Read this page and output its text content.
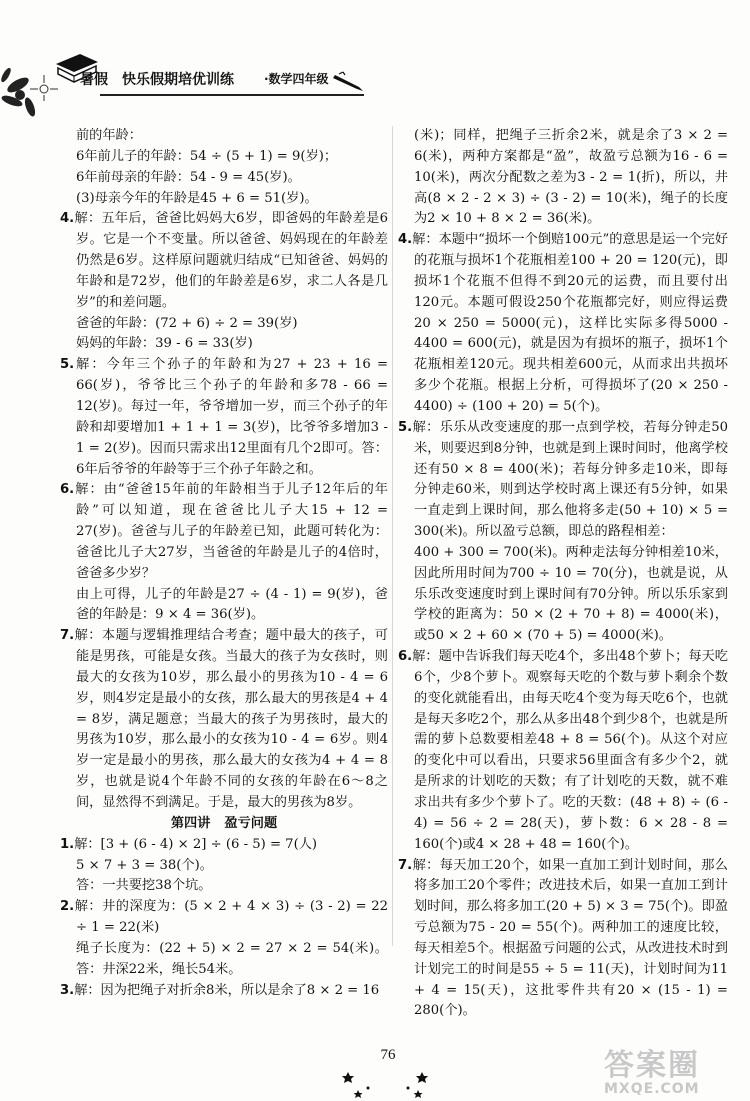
暑假 快乐假期培优训练	·数学四年级

前的年龄：

6年前儿子的年龄：54 ÷ (5 + 1) = 9(岁)；

6年前母亲的年龄：54 - 9 = 45(岁)。

(3)母亲今年的年龄是45 + 6 = 51(岁)。

4.解：五年后，爸爸比妈妈大6岁，即爸妈的年龄差是6岁。它是一个不变量。所以爸爸、妈妈现在的年龄差仍然是6岁。这样原问题就归结成“已知爸爸、妈妈的年龄和是72岁，他们的年龄差是6岁，求二人各是几岁”的和差问题。

爸爸的年龄：(72 + 6) ÷ 2 = 39(岁)

妈妈的年龄：39 - 6 = 33(岁)

5.解：今年三个孙子的年龄和为27 + 23 + 16 = 66(岁)，爷爷比三个孙子的年龄和多78 - 66 = 12(岁)。每过一年，爷爷增加一岁，而三个孙子的年龄和却要增加1 + 1 + 1 = 3(岁)，比爷爷多增加3 - 1 = 2(岁)。因而只需求出12里面有几个2即可。答：6年后爷爷的年龄等于三个孙子年龄之和。

6.解：由“爸爸15年前的年龄相当于儿子12年后的年龄”可以知道，现在爸爸比儿子大15 + 12 = 27(岁)。爸爸与儿子的年龄差已知，此题可转化为：爸爸比儿子大27岁，当爸爸的年龄是儿子的4倍时，爸爸多少岁？

由上可得，儿子的年龄是27 ÷ (4 - 1) = 9(岁)，爸爸的年龄是：9 × 4 = 36(岁)。

7.解：本题与逻辑推理结合考查；题中最大的孩子，可能是男孩，可能是女孩。当最大的孩子为女孩时，则最大的女孩为10岁，那么最小的男孩为10 - 4 = 6岁，则4岁定是最小的女孩，那么最大的男孩是4 + 4 = 8岁，满足题意；当最大的孩子为男孩时，最大的男孩为10岁，那么最小的女孩为10 - 4 = 6岁。则4岁一定是最小的男孩，那么最大的女孩为4 + 4 = 8岁，也就是说4个年龄不同的女孩的年龄在6～8之间，显然得不到满足。于是，最大的男孩为8岁。

第四讲 盈亏问题

1.解：[3 + (6 - 4) × 2] ÷ (6 - 5) = 7(人)

5 × 7 + 3 = 38(个)。

答：一共要挖38个坑。

2.解：井的深度为：(5 × 2 + 4 × 3) ÷ (3 - 2) = 22 ÷ 1 = 22(米)

绳子长度为：(22 + 5) × 2 = 27 × 2 = 54(米)。答：井深22米，绳长54米。

3.解：因为把绳子对折余8米，所以是余了8 × 2 = 16

(米)；同样，把绳子三折余2米，就是余了3 × 2 = 6(米)，两种方案都是“盈”，故盈亏总额为16 - 6 = 10(米)，两次分配数之差为3 - 2 = 1(折)，所以，井高(8 × 2 - 2 × 3) ÷ (3 - 2) = 10(米)，绳子的长度为2 × 10 + 8 × 2 = 36(米)。

4.解：本题中“损坏一个倒赔100元”的意思是运一个完好的花瓶与损坏1个花瓶相差100 + 20 = 120(元)，即损坏1个花瓶不但得不到20元的运费，而且要付出120元。本题可假设250个花瓶都完好，则应得运费20 × 250 = 5000(元)，这样比实际多得5000 - 4400 = 600(元)，就是因为有损坏的瓶子，损坏1个花瓶相差120元。现共相差600元，从而求出共损坏多少个花瓶。根据上分析，可得损坏了(20 × 250 - 4400) ÷ (100 + 20) = 5(个)。

5.解：乐乐从改变速度的那一点到学校，若每分钟走50米，则要迟到8分钟，也就是到上课时间时，他离学校还有50 × 8 = 400(米)；若每分钟多走10米，即每分钟走60米，则到达学校时离上课还有5分钟，如果一直走到上课时间，那么他将多走(50 + 10) × 5 = 300(米)。所以盈亏总额，即总的路程相差：

400 + 300 = 700(米)。两种走法每分钟相差10米，因此所用时间为700 ÷ 10 = 70(分)，也就是说，从乐乐改变速度时到上课时间有70分钟。所以乐乐家到学校的距离为：50 × (2 + 70 + 8) = 4000(米)，或50 × 2 + 60 × (70 + 5) = 4000(米)。

6.解：题中告诉我们每天吃4个，多出48个萝卜；每天吃6个，少8个萝卜。观察每天吃的个数与萝卜剩余个数的变化就能看出，由每天吃4个变为每天吃6个，也就是每天多吃2个，那么从多出48个到少8个，也就是所需的萝卜总数要相差48 + 8 = 56(个)。从这个对应的变化中可以看出，只要求56里面含有多少个2，就是所求的计划吃的天数；有了计划吃的天数，就不难求出共有多少个萝卜了。吃的天数：(48 + 8) ÷ (6 - 4) = 56 ÷ 2 = 28(天)，萝卜数：6 × 28 - 8 = 160(个)或4 × 28 + 48 = 160(个)。

7.解：每天加工20个，如果一直加工到计划时间，那么将多加工20个零件；改进技术后，如果一直加工到计划时间，那么将多加工(20 + 5) × 3 = 75(个)。即盈亏总额为75 - 20 = 55(个)。两种加工的速度比较，每天相差5个。根据盈亏问题的公式，从改进技术时到计划完工的时间是55 ÷ 5 = 11(天)，计划时间为11 + 4 = 15(天)，这批零件共有20 × (15 - 1) = 280(个)。

76	答案圈
MXQE.COM
